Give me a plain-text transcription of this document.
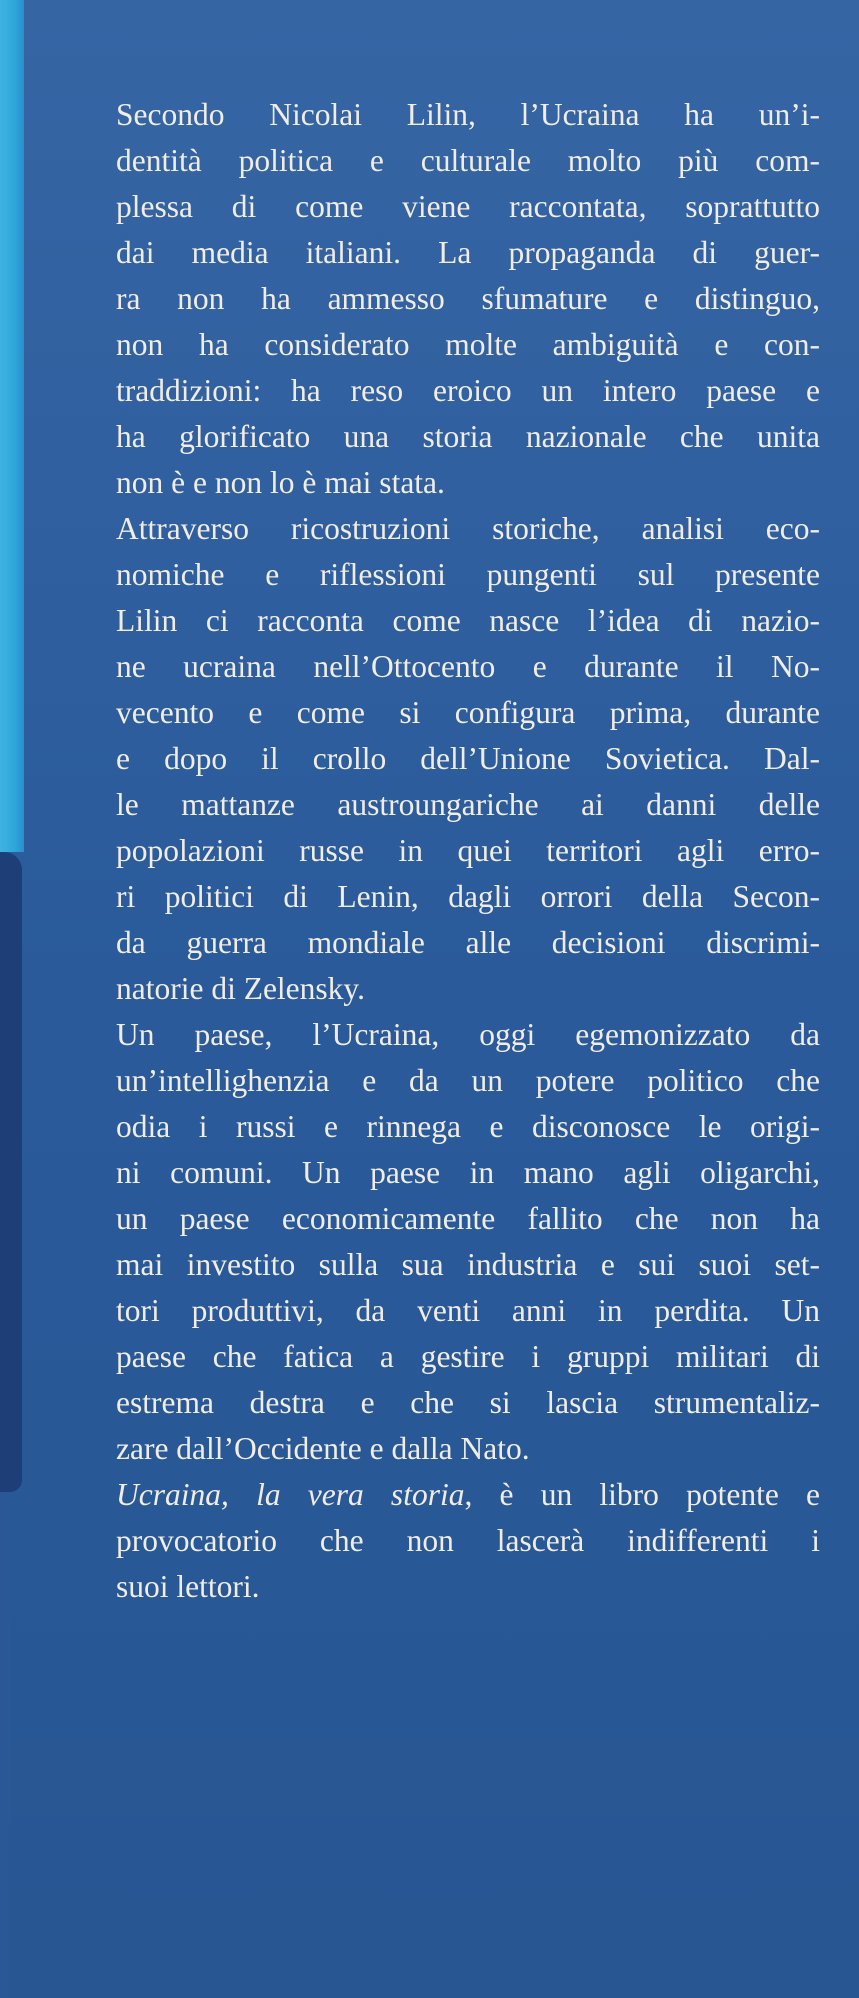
Secondo Nicolai Lilin, l’Ucraina ha un’i-
dentità politica e culturale molto più com-
plessa di come viene raccontata, soprattutto
dai media italiani. La propaganda di guer-
ra non ha ammesso sfumature e distinguo,
non ha considerato molte ambiguità e con-
traddizioni: ha reso eroico un intero paese e
ha glorificato una storia nazionale che unita
non è e non lo è mai stata.
Attraverso ricostruzioni storiche, analisi eco-
nomiche e riflessioni pungenti sul presente
Lilin ci racconta come nasce l’idea di nazio-
ne ucraina nell’Ottocento e durante il No-
vecento e come si configura prima, durante
e dopo il crollo dell’Unione Sovietica. Dal-
le mattanze austroungariche ai danni delle
popolazioni russe in quei territori agli erro-
ri politici di Lenin, dagli orrori della Secon-
da guerra mondiale alle decisioni discrimi-
natorie di Zelensky.
Un paese, l’Ucraina, oggi egemonizzato da
un’intellighenzia e da un potere politico che
odia i russi e rinnega e disconosce le origi-
ni comuni. Un paese in mano agli oligarchi,
un paese economicamente fallito che non ha
mai investito sulla sua industria e sui suoi set-
tori produttivi, da venti anni in perdita. Un
paese che fatica a gestire i gruppi militari di
estrema destra e che si lascia strumentaliz-
zare dall’Occidente e dalla Nato.
Ucraina, la vera storia, è un libro potente e
provocatorio che non lascerà indifferenti i
suoi lettori.
